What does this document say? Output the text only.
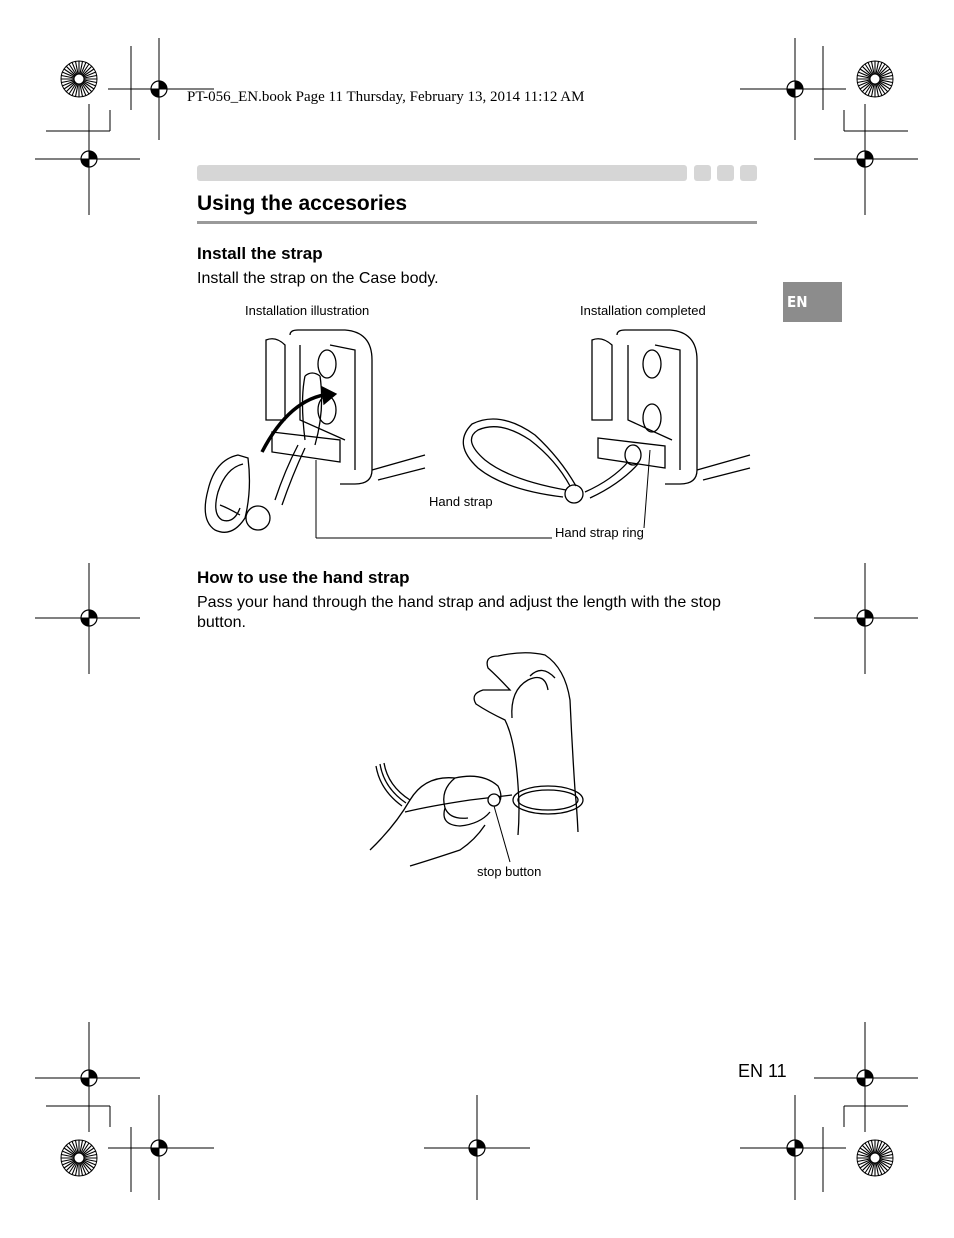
PT-056_EN.book Page 11 Thursday, February 13, 2014 11:12 AM
Using the accesories
EN
Install the strap
Install the strap on the Case body.
Installation illustration	Installation completed
Hand strap
Hand strap ring
How to use the hand strap
Pass your hand through the hand strap and adjust the length with the stop button.
stop button
EN 11
